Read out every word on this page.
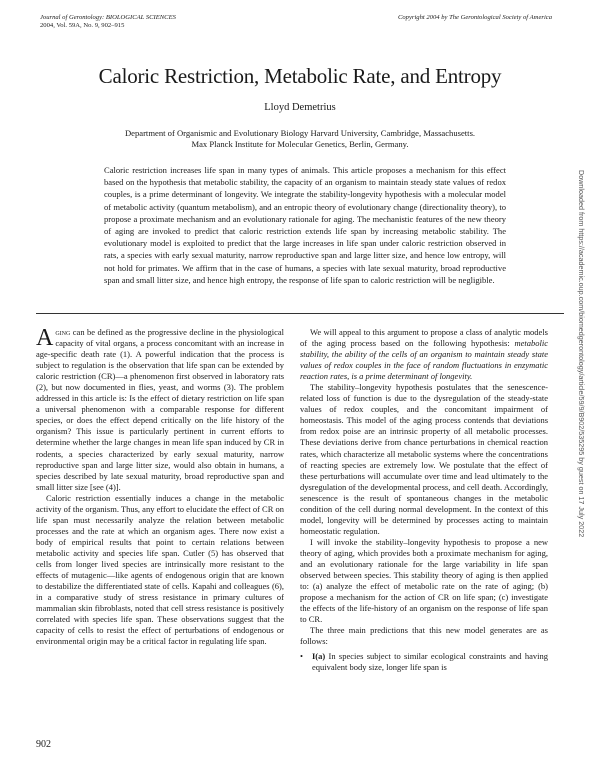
Journal of Gerontology: BIOLOGICAL SCIENCES
2004, Vol. 59A, No. 9, 902–915
Copyright 2004 by The Gerontological Society of America
Caloric Restriction, Metabolic Rate, and Entropy
Lloyd Demetrius
Department of Organismic and Evolutionary Biology Harvard University, Cambridge, Massachusetts.
Max Planck Institute for Molecular Genetics, Berlin, Germany.
Caloric restriction increases life span in many types of animals. This article proposes a mechanism for this effect based on the hypothesis that metabolic stability, the capacity of an organism to maintain steady state values of redox couples, is a prime determinant of longevity. We integrate the stability-longevity hypothesis with a molecular model of metabolic activity (quantum metabolism), and an entropic theory of evolutionary change (directionality theory), to propose a proximate mechanism and an evolutionary rationale for aging. The mechanistic features of the new theory of aging are invoked to predict that caloric restriction extends life span by increasing metabolic stability. The evolutionary model is exploited to predict that the large increases in life span under caloric restriction observed in rats, a species with early sexual maturity, narrow reproductive span and large litter size, and hence low entropy, will not hold for primates. We affirm that in the case of humans, a species with late sexual maturity, broad reproductive span and small litter size, and hence high entropy, the response of life span to caloric restriction will be negligible.

Aging can be defined as the progressive decline in the physiological capacity of vital organs, a process concomitant with an increase in age-specific death rate (1). A powerful indication that the process is subject to regulation is the observation that life span can be extended by caloric restriction (CR)—a phenomenon first observed in laboratory rats (2), but now documented in flies, yeast, and worms (3). The problem addressed in this article is: Is the effect of dietary restriction on life span a universal phenomenon with a comparable response for different species, or does the effect depend critically on the life history of the organism? This issue is particularly pertinent in current efforts to determine whether the large changes in mean life span induced by CR in rodents, a species characterized by early sexual maturity, narrow reproductive span and large litter size, would also obtain in humans, a species described by late sexual maturity, broad reproductive span and small litter size [see (4)].

Caloric restriction essentially induces a change in the metabolic activity of the organism. Thus, any effort to elucidate the effect of CR on life span must necessarily analyze the relation between metabolic processes and the rate at which an organism ages. There now exist a body of empirical results that point to certain relations between metabolic activity and species life span. Cutler (5) has observed that cells from longer lived species are intrinsically more resistant to the effects of mutagenic—like agents of endogenous origin that are known to destabilize the differentiated state of cells. Kapahi and colleagues (6), in a comparative study of stress resistance in primary cultures of mammalian skin fibroblasts, noted that cell stress resistance is positively correlated with species life span. These observations suggest that the capacity of cells to resist the effect of perturbations of endogenous or environmental origin may be a critical factor in regulating life span.

We will appeal to this argument to propose a class of analytic models of the aging process based on the following hypothesis: metabolic stability, the ability of the cells of an organism to maintain steady state values of redox couples in the face of random fluctuations in enzymatic reaction rates, is a prime determinant of longevity.

The stability–longevity hypothesis postulates that the senescence-related loss of function is due to the dysregulation of the steady-state values of redox couples, and the concomitant impairment of homeostasis. This model of the aging process contends that deviations from redox poise are an intrinsic property of all metabolic processes. These deviations derive from chance perturbations in chemical reaction rates, which characterize all metabolic systems where the concentrations of reacting species are extremely low. We postulate that the effect of these perturbations will accumulate over time and lead ultimately to the dysregulation of the developmental process, and cell death. Accordingly, senescence is the result of spontaneous changes in the metabolic condition of the cell during normal development. In the context of this model, longevity will be determined by processes acting to maintain homeostatic regulation.

I will invoke the stability–longevity hypothesis to propose a new theory of aging, which provides both a proximate mechanism for aging, and an evolutionary rationale for the large variability in life span observed between species. This stability theory of aging is then applied to: (a) analyze the effect of metabolic rate on the rate of aging; (b) propose a mechanism for the action of CR on life span; (c) investigate the effects of the life-history of an organism on the response of life span to CR.

The three main predictions that this new model generates are as follows:

•	I(a) In species subject to similar ecological constraints and having equivalent body size, longer life span is
902
Downloaded from https://academic.oup.com/biomedgerontology/article/59/9/B902/535295 by guest on 17 July 2022
